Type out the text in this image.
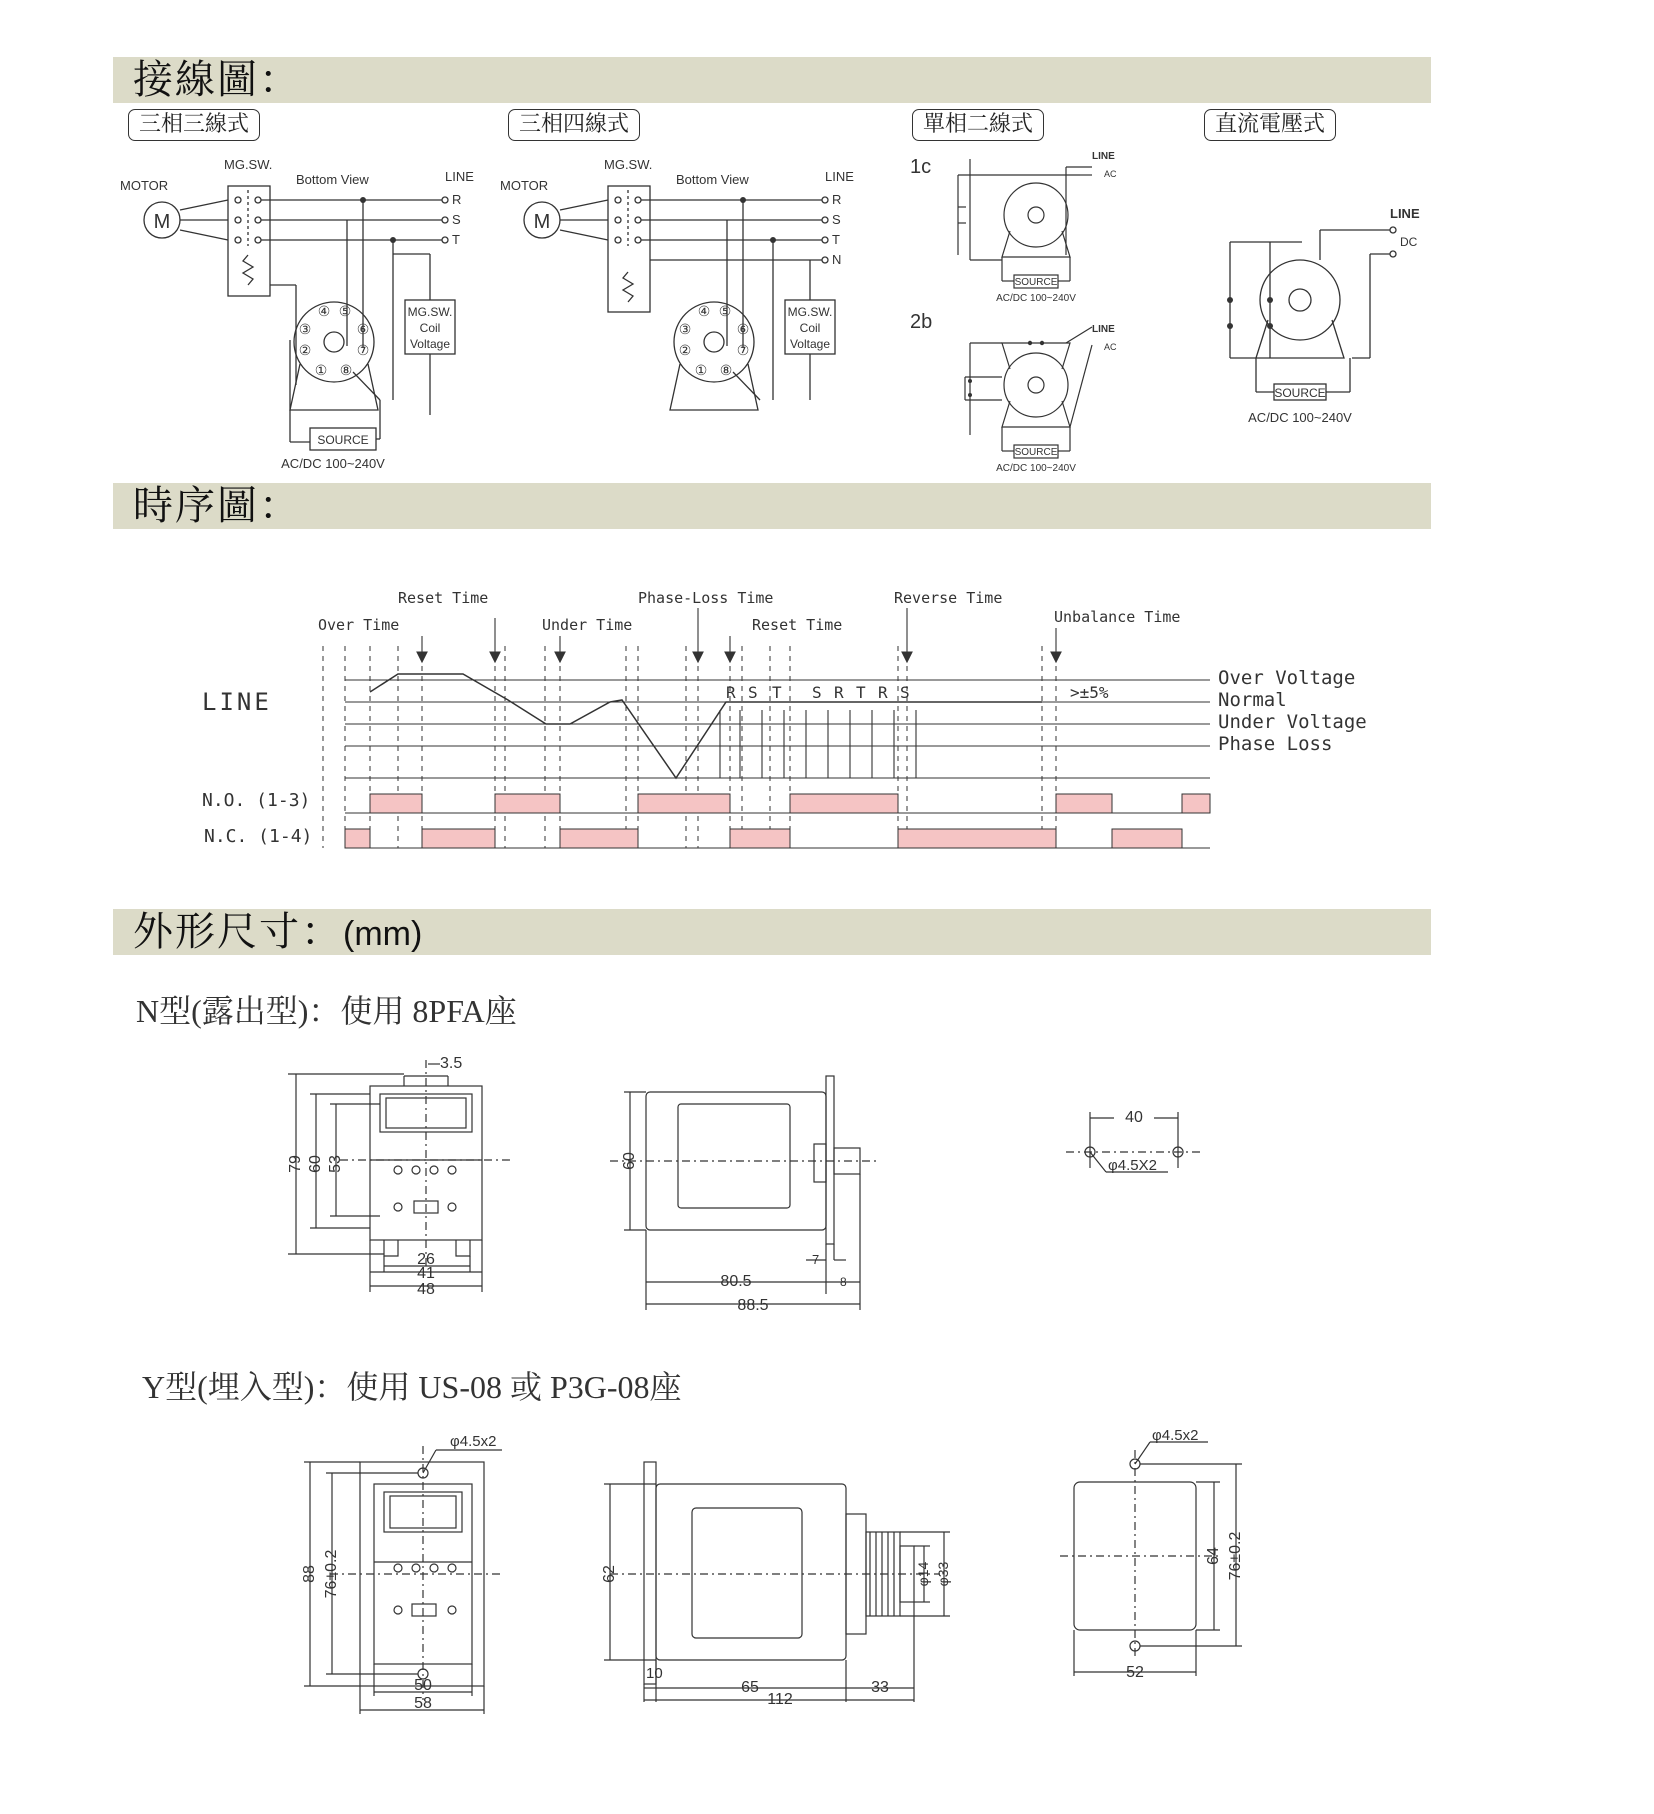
接線圖：
時序圖：
外形尺寸：(mm)
三相三線式	三相四線式	單相二線式	直流電壓式
M
MOTOR
MG.SW.
Bottom View	LINE
R
S
T
MG.SW.
Coil
Voltage
①
②
③
④ ⑤
⑥
⑦
⑧
SOURCE
AC/DC 100~240V
M
MOTOR
MG.SW.
Bottom View	LINE
R
S
T
N
MG.SW.
Coil
Voltage
①
②
③
④ ⑤
⑥
⑦
⑧
1c
2b
LINE
AC
SOURCE
AC/DC 100~240V
LINE
AC
SOURCE
AC/DC 100~240V
LINE
DC
SOURCE
AC/DC 100~240V
Reset Time
Over Time	Under Time
Phase-Loss Time
Reset Time
Reverse Time
Unbalance Time
LINE
Over Voltage
Normal
Under Voltage
Phase Loss
R S T S R T R S	>±5%
N.O. (1-3)
N.C. (1-4)
N型(露出型)：使用 8PFA座
3.5
79 60 53
26
41
48
60
80.5
88.5
7
8
40
φ4.5X2
Y型(埋入型)：使用 US-08 或 P3G-08座
φ4.5x2
88 76±0.2
50
58
62
10
65	33
112
φ14 φ33
φ4.5x2
64 76±0.2
52
